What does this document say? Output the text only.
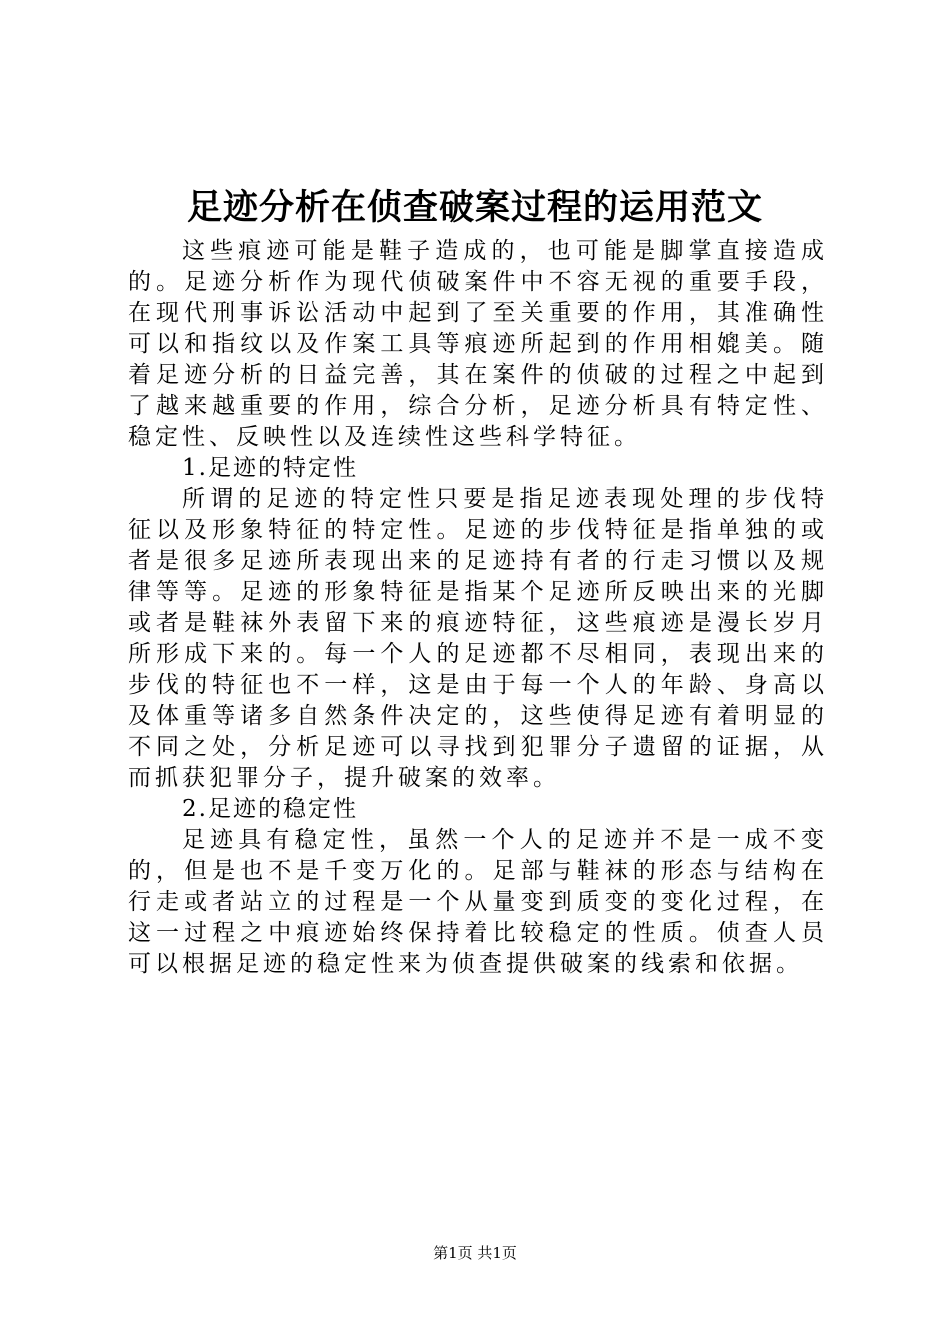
足迹分析在侦查破案过程的运用范文

这些痕迹可能是鞋子造成的，也可能是脚掌直接造成的。足迹分析作为现代侦破案件中不容无视的重要手段，在现代刑事诉讼活动中起到了至关重要的作用，其准确性可以和指纹以及作案工具等痕迹所起到的作用相媲美。随着足迹分析的日益完善，其在案件的侦破的过程之中起到了越来越重要的作用，综合分析，足迹分析具有特定性、稳定性、反映性以及连续性这些科学特征。

1.足迹的特定性

所谓的足迹的特定性只要是指足迹表现处理的步伐特征以及形象特征的特定性。足迹的步伐特征是指单独的或者是很多足迹所表现出来的足迹持有者的行走习惯以及规律等等。足迹的形象特征是指某个足迹所反映出来的光脚或者是鞋袜外表留下来的痕迹特征，这些痕迹是漫长岁月所形成下来的。每一个人的足迹都不尽相同，表现出来的步伐的特征也不一样，这是由于每一个人的年龄、身高以及体重等诸多自然条件决定的，这些使得足迹有着明显的不同之处，分析足迹可以寻找到犯罪分子遗留的证据，从而抓获犯罪分子，提升破案的效率。

2.足迹的稳定性

足迹具有稳定性，虽然一个人的足迹并不是一成不变的，但是也不是千变万化的。足部与鞋袜的形态与结构在行走或者站立的过程是一个从量变到质变的变化过程，在这一过程之中痕迹始终保持着比较稳定的性质。侦查人员可以根据足迹的稳定性来为侦查提供破案的线索和依据。

第1页 共1页
